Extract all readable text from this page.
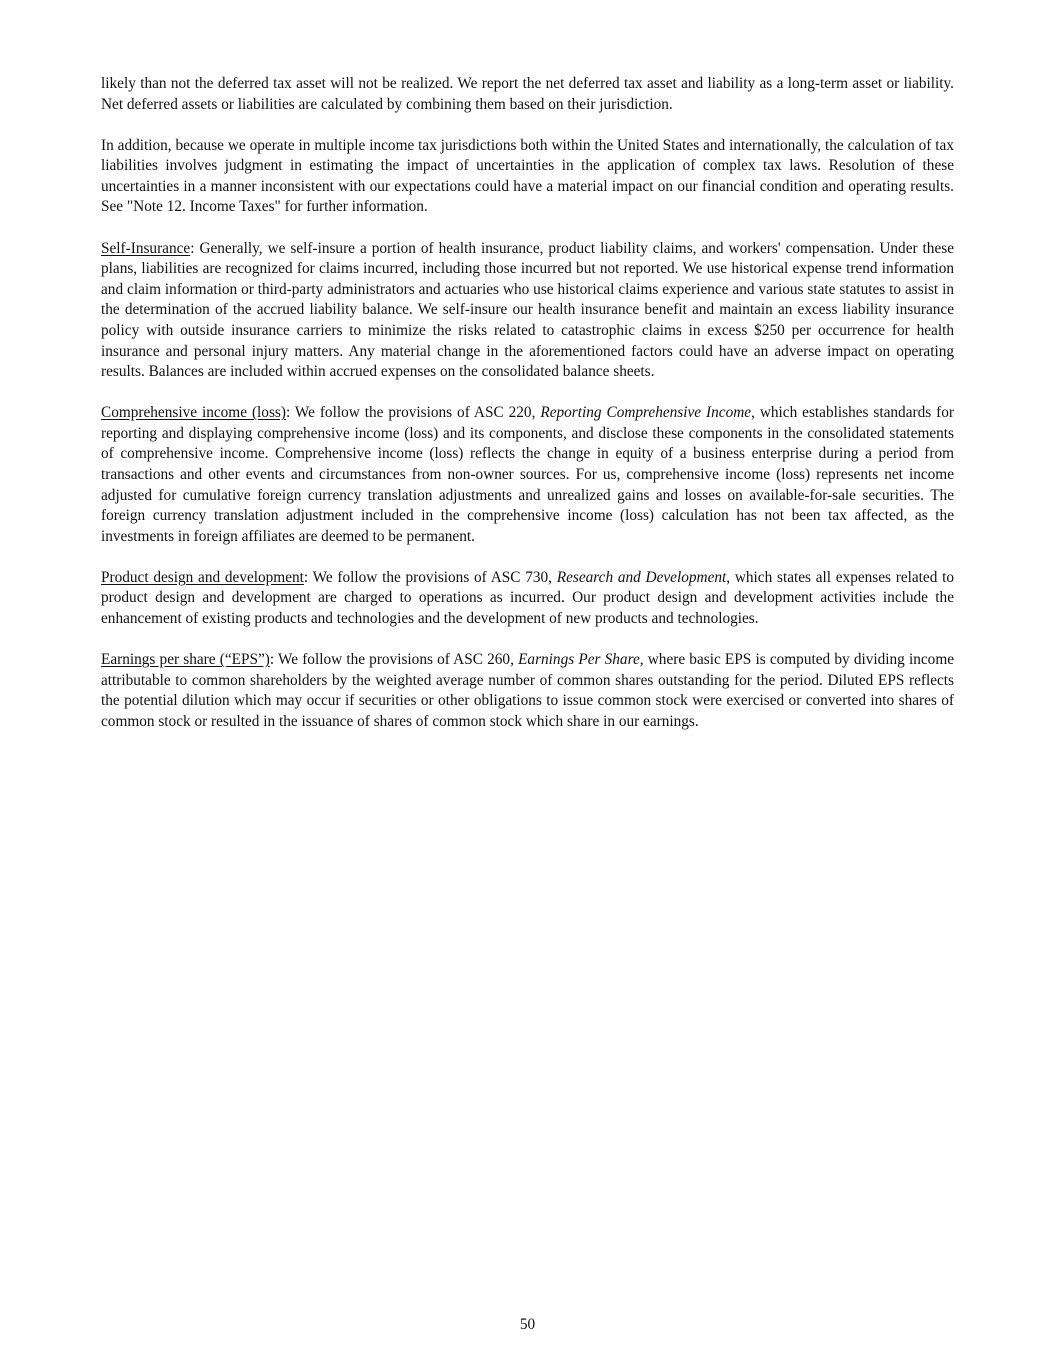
likely than not the deferred tax asset will not be realized. We report the net deferred tax asset and liability as a long-term asset or liability. Net deferred assets or liabilities are calculated by combining them based on their jurisdiction.

In addition, because we operate in multiple income tax jurisdictions both within the United States and internationally, the calculation of tax liabilities involves judgment in estimating the impact of uncertainties in the application of complex tax laws. Resolution of these uncertainties in a manner inconsistent with our expectations could have a material impact on our financial condition and operating results. See "Note 12. Income Taxes" for further information.

Self-Insurance: Generally, we self-insure a portion of health insurance, product liability claims, and workers' compensation. Under these plans, liabilities are recognized for claims incurred, including those incurred but not reported. We use historical expense trend information and claim information or third-party administrators and actuaries who use historical claims experience and various state statutes to assist in the determination of the accrued liability balance. We self-insure our health insurance benefit and maintain an excess liability insurance policy with outside insurance carriers to minimize the risks related to catastrophic claims in excess $250 per occurrence for health insurance and personal injury matters. Any material change in the aforementioned factors could have an adverse impact on operating results. Balances are included within accrued expenses on the consolidated balance sheets.

Comprehensive income (loss): We follow the provisions of ASC 220, Reporting Comprehensive Income, which establishes standards for reporting and displaying comprehensive income (loss) and its components, and disclose these components in the consolidated statements of comprehensive income. Comprehensive income (loss) reflects the change in equity of a business enterprise during a period from transactions and other events and circumstances from non-owner sources. For us, comprehensive income (loss) represents net income adjusted for cumulative foreign currency translation adjustments and unrealized gains and losses on available-for-sale securities. The foreign currency translation adjustment included in the comprehensive income (loss) calculation has not been tax affected, as the investments in foreign affiliates are deemed to be permanent.

Product design and development: We follow the provisions of ASC 730, Research and Development, which states all expenses related to product design and development are charged to operations as incurred. Our product design and development activities include the enhancement of existing products and technologies and the development of new products and technologies.

Earnings per share (“EPS”): We follow the provisions of ASC 260, Earnings Per Share, where basic EPS is computed by dividing income attributable to common shareholders by the weighted average number of common shares outstanding for the period. Diluted EPS reflects the potential dilution which may occur if securities or other obligations to issue common stock were exercised or converted into shares of common stock or resulted in the issuance of shares of common stock which share in our earnings.

50
